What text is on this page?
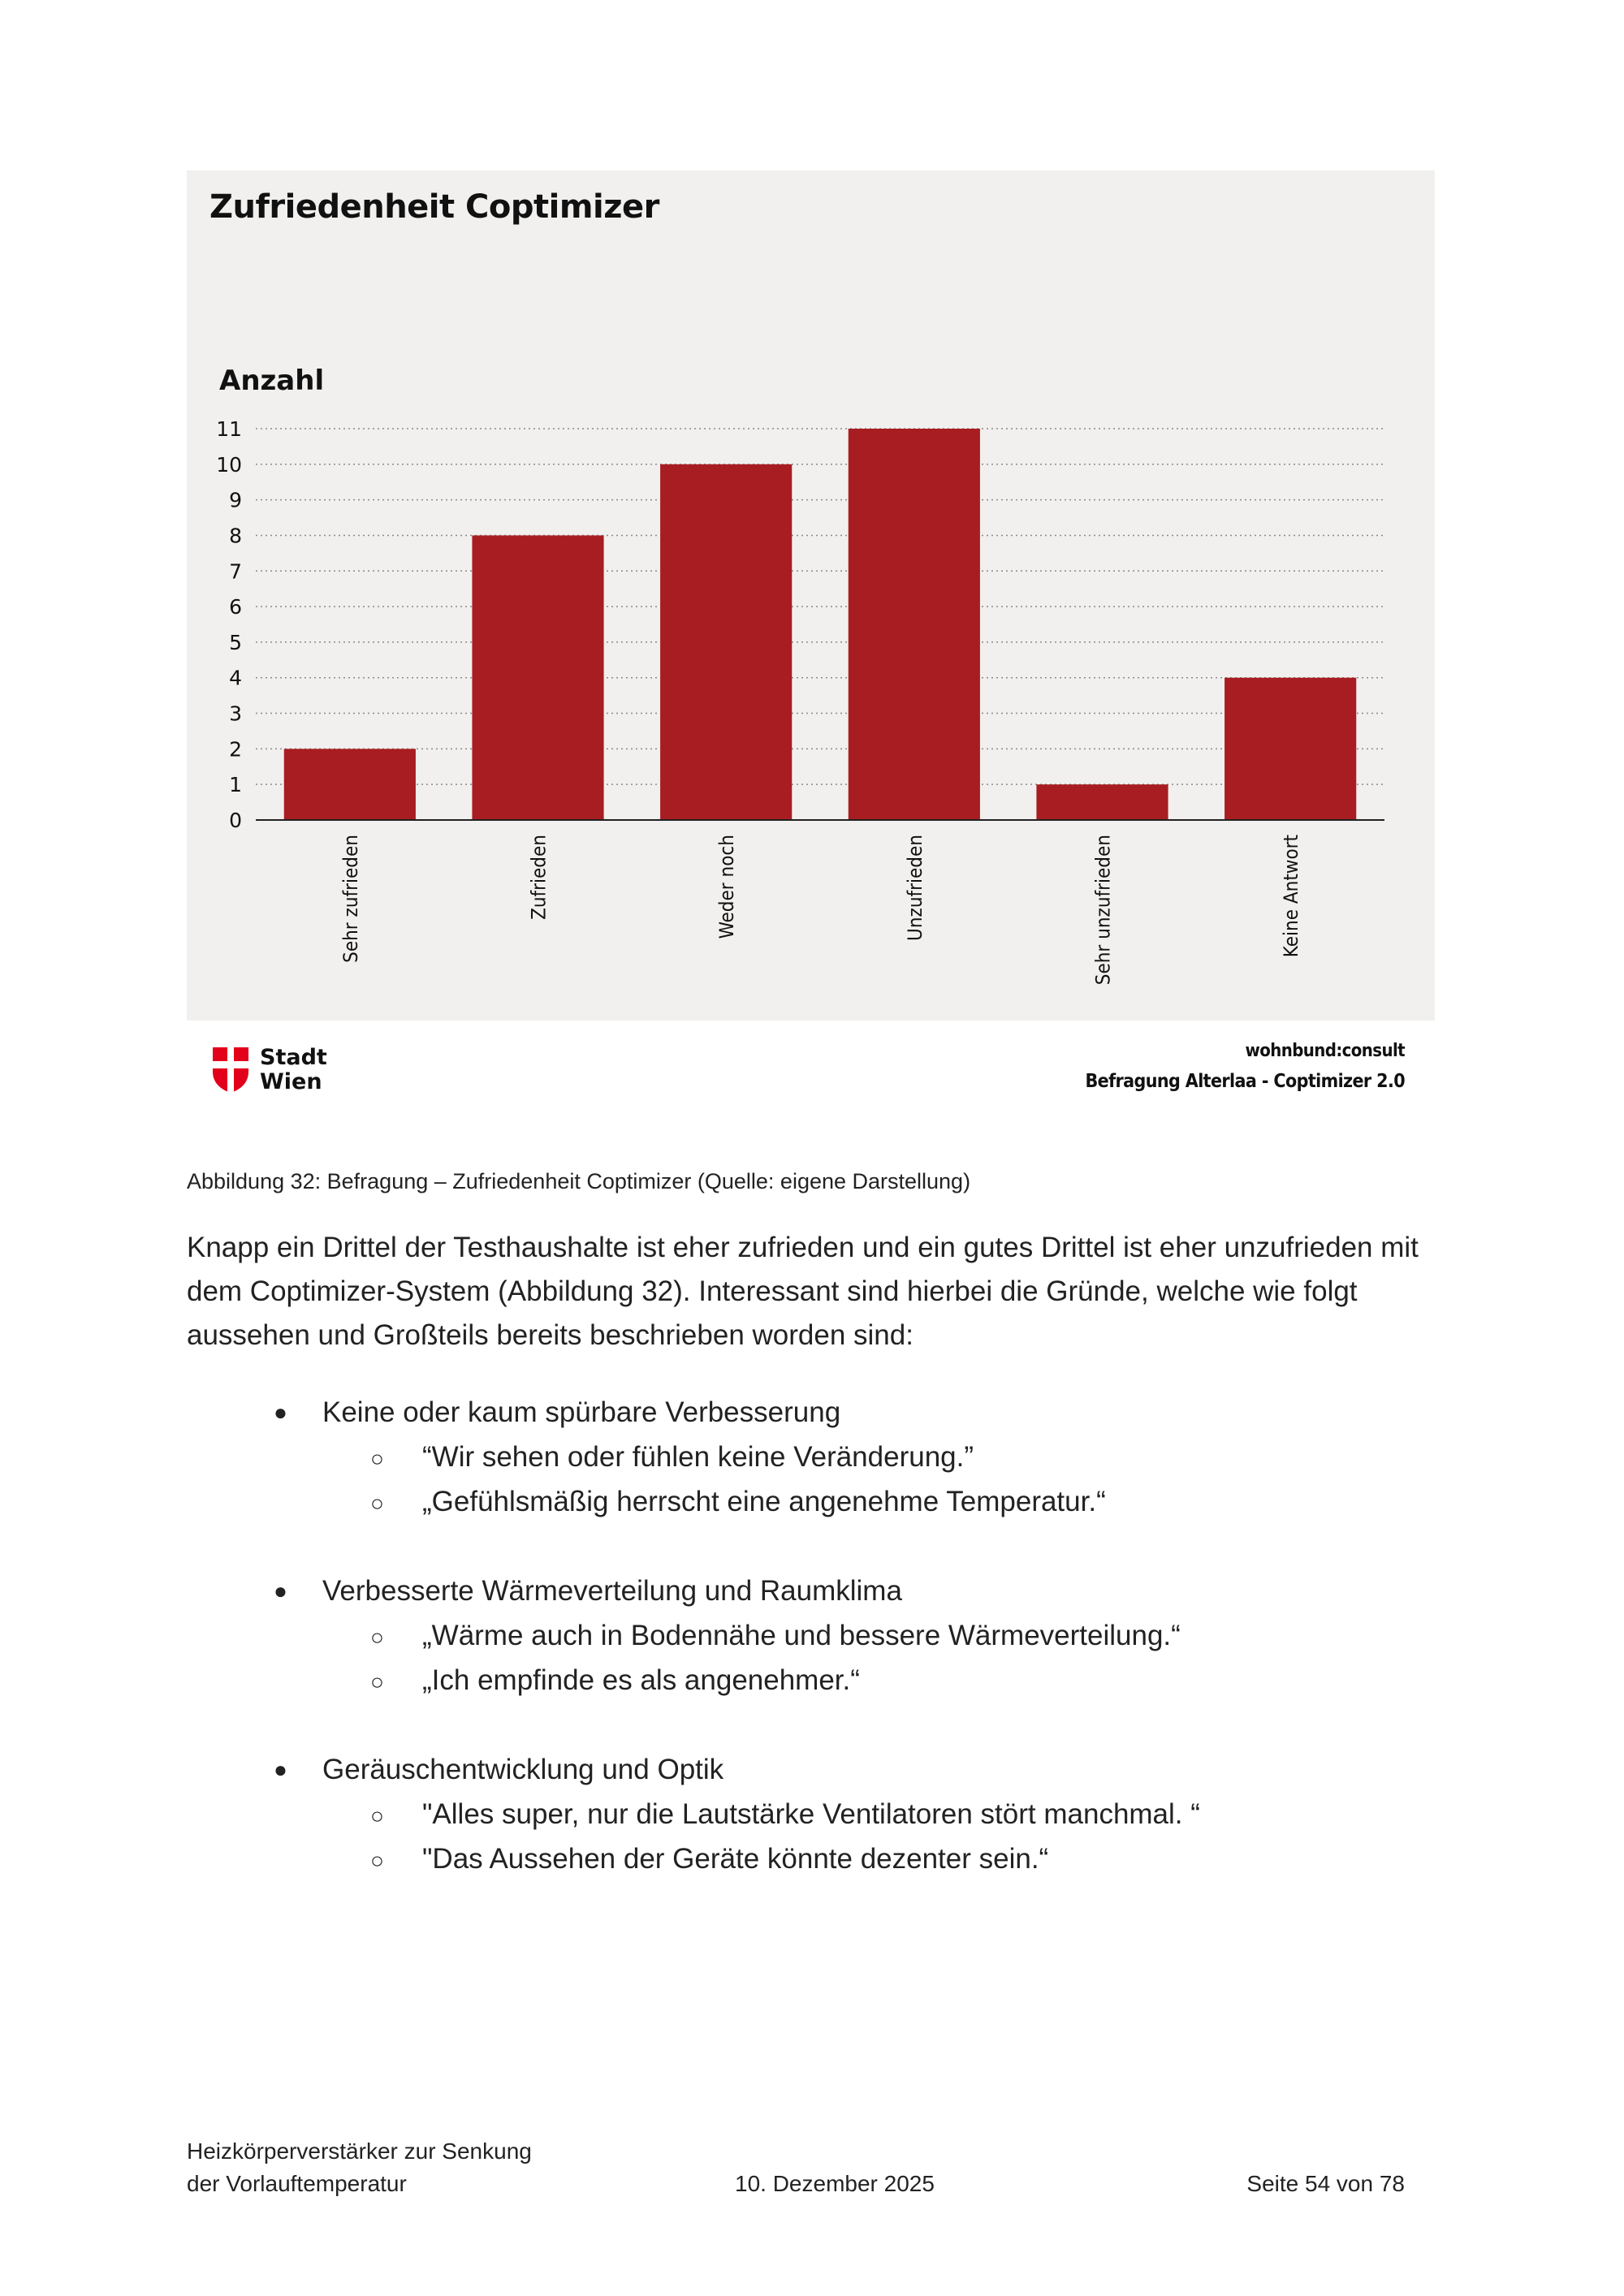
Zufriedenheit Coptimizer
Anzahl
0
1
2
3
4
5
6
7
8
9
10
11
Sehr zufrieden	Zufrieden	Weder noch	Unzufrieden	Sehr unzufrieden	Keine Antwort
Stadt
Wien
wohnbund:consult
Befragung Alterlaa - Coptimizer 2.0
Abbildung 32: Befragung – Zufriedenheit Coptimizer (Quelle: eigene Darstellung)
Knapp ein Drittel der Testhaushalte ist eher zufrieden und ein gutes Drittel ist eher unzufrieden mit dem Coptimizer-System (Abbildung 32). Interessant sind hierbei die Gründe, welche wie folgt aussehen und Großteils bereits beschrieben worden sind:
● Keine oder kaum spürbare Verbesserung
○ “Wir sehen oder fühlen keine Veränderung.”
○ „Gefühlsmäßig herrscht eine angenehme Temperatur.“
● Verbesserte Wärmeverteilung und Raumklima
○ „Wärme auch in Bodennähe und bessere Wärmeverteilung.“
○ „Ich empfinde es als angenehmer.“
● Geräuschentwicklung und Optik
○ "Alles super, nur die Lautstärke Ventilatoren stört manchmal. “
○ "Das Aussehen der Geräte könnte dezenter sein.“
Heizkörperverstärker zur Senkung
der Vorlauftemperatur	10. Dezember 2025	Seite 54 von 78
